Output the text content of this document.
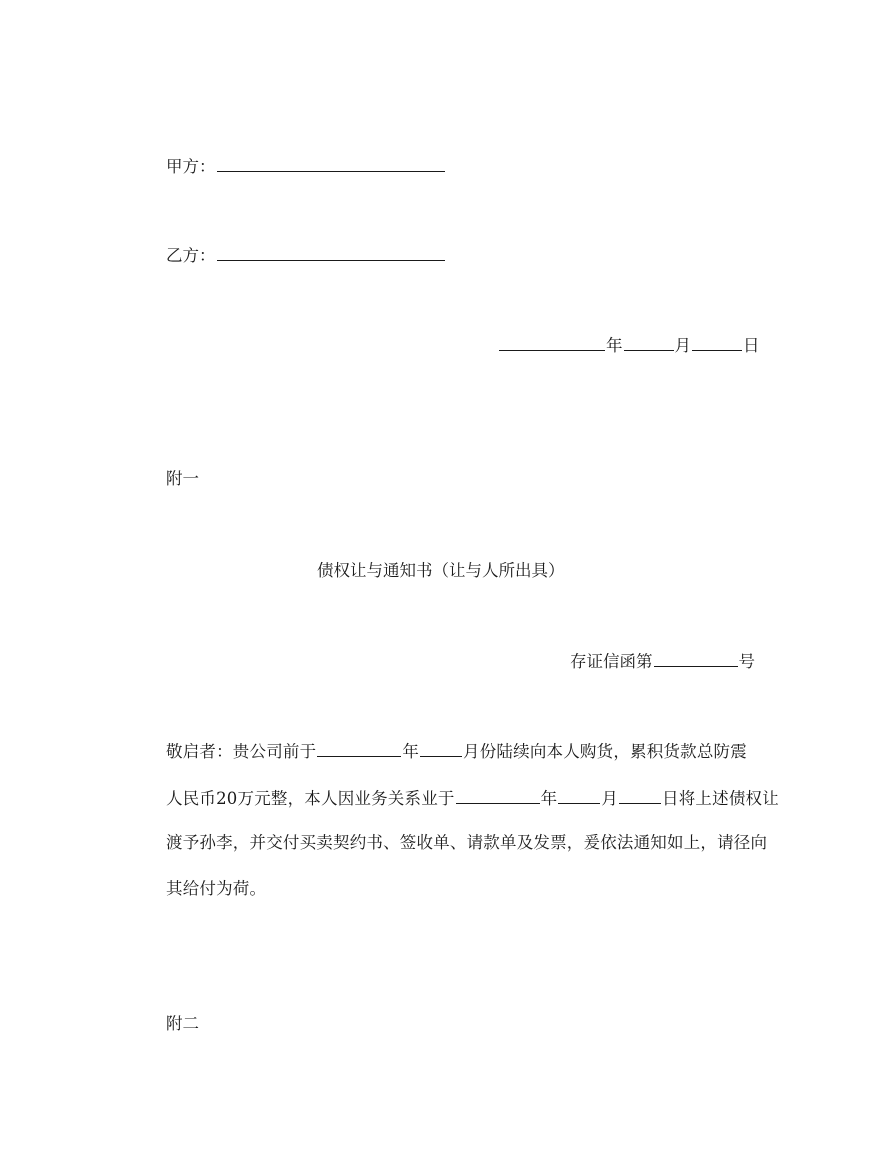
甲方：
乙方：
年	月	日
附一
债权让与通知书（让与人所出具）
存证信函第	号
敬启者：贵公司前于	年	月份陆续向本人购货，累积货款总防震
人民币20万元整，本人因业务关系业于	年	月	日将上述债权让
渡予孙李，并交付买卖契约书、签收单、请款单及发票，爰依法通知如上，请径向
其给付为荷。
附二
